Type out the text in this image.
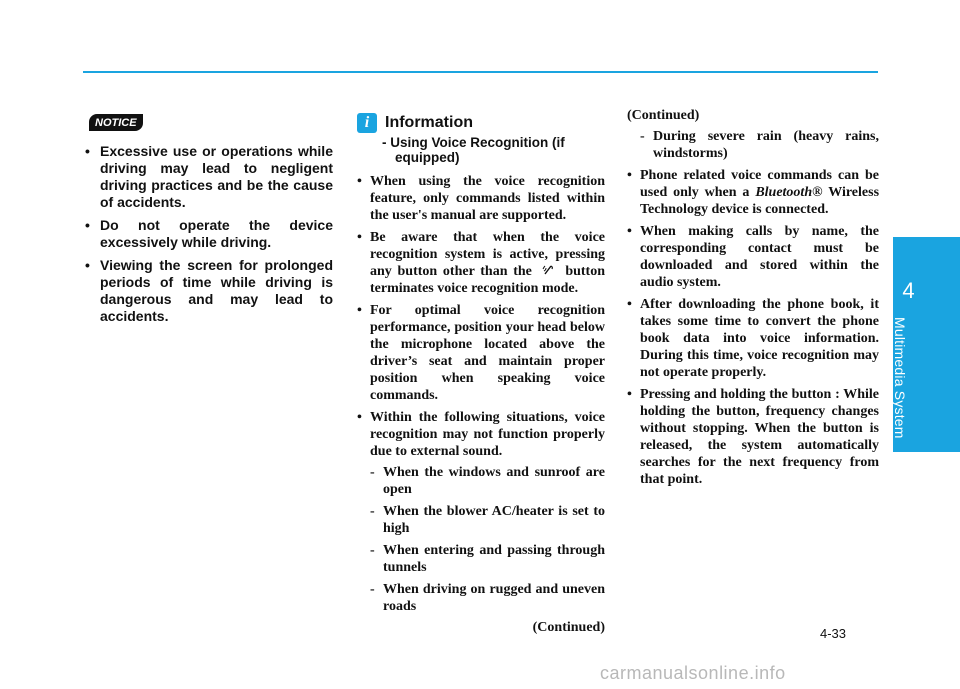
NOTICE
• Excessive use or operations while driving may lead to negligent driving practices and be the cause of accidents.
• Do not operate the device excessively while driving.
• Viewing the screen for prolonged periods of time while driving is dangerous and may lead to accidents.
i Information
- Using Voice Recognition (if equipped)
• When using the voice recognition feature, only commands listed within the user's manual are supported.
• Be aware that when the voice recognition system is active, pressing any button other than the button terminates voice recognition mode.
• For optimal voice recognition performance, position your head below the microphone located above the driver’s seat and maintain proper position when speaking voice commands.
• Within the following situations, voice recognition may not function properly due to external sound.
- When the windows and sunroof are open
- When the blower AC/heater is set to high
- When entering and passing through tunnels
- When driving on rugged and uneven roads
(Continued)
(Continued)
- During severe rain (heavy rains, windstorms)
• Phone related voice commands can be used only when a Bluetooth® Wireless Technology device is connected.
• When making calls by name, the corresponding contact must be downloaded and stored within the audio system.
• After downloading the phone book, it takes some time to convert the phone book data into voice information. During this time, voice recognition may not operate properly.
• Pressing and holding the button : While holding the button, frequency changes without stopping. When the button is released, the system automatically searches for the next frequency from that point.
4
Multimedia System
4-33
carmanualsonline.info
